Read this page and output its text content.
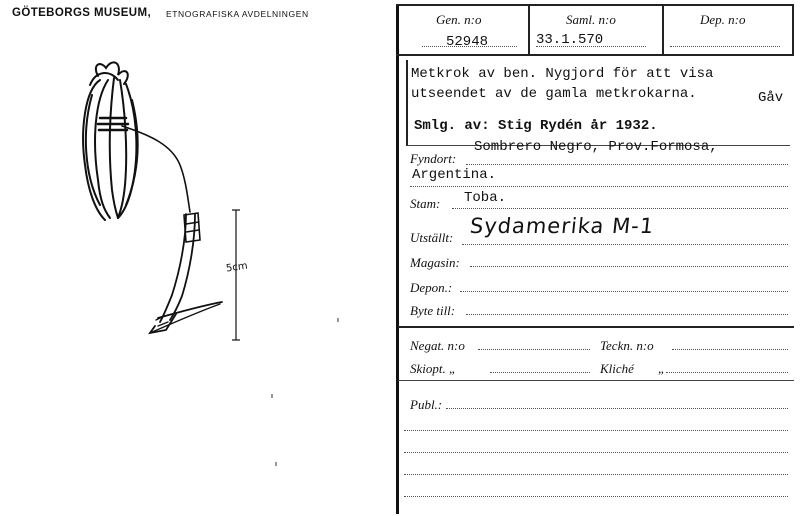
GÖTEBORGS MUSEUM, ETNOGRAFISKA AVDELNINGEN
5cm
Gen. n:o
52948
Saml. n:o
33.1.570
Dep. n:o
Metkrok av ben. Nygjord för att visa
utseendet av de gamla metkrokarna.	Gåv
Smlg. av: Stig Rydén år 1932.
Fyndort:
Sombrero Negro, Prov.Formosa,
Argentina.
Stam: Toba.
Utställt: Sydamerika M-1
Magasin:
Depon.:
Byte till:
Negat. n:o	Teckn. n:o
Skiopt. „	Kliché „
Publ.:
